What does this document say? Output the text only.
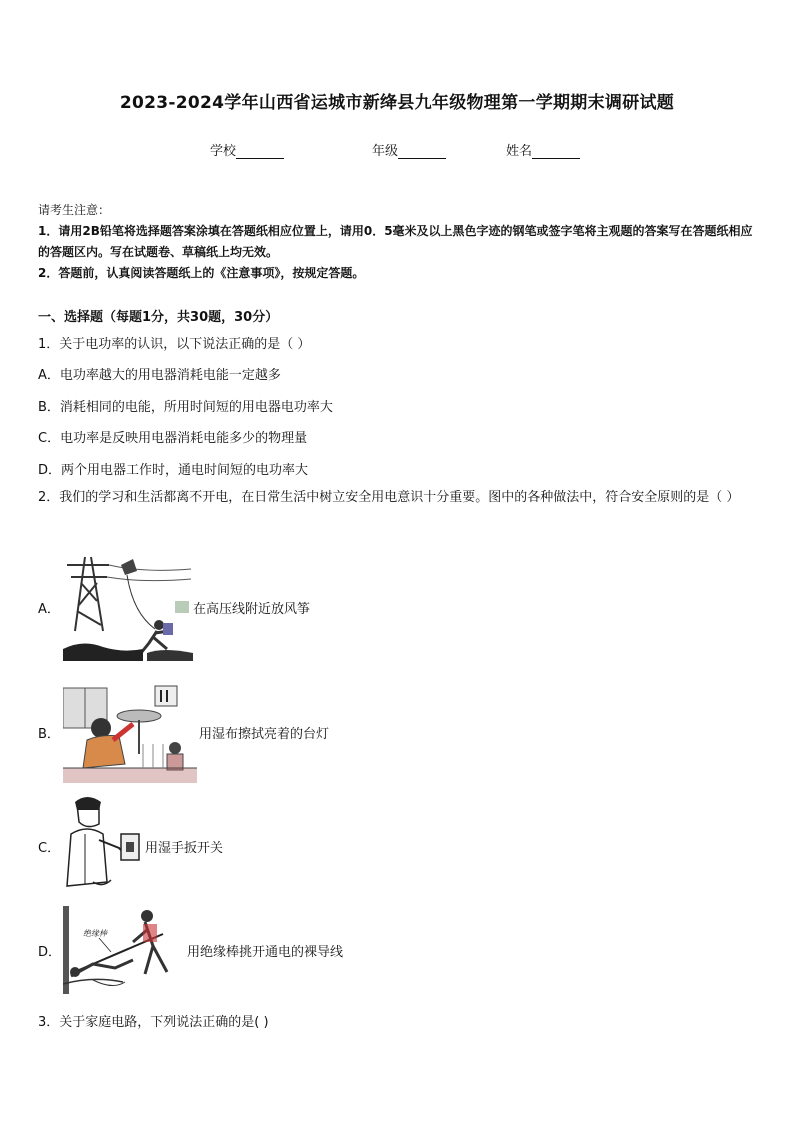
2023-2024学年山西省运城市新绛县九年级物理第一学期期末调研试题
学校	年级	姓名
请考生注意：
1．请用2B铅笔将选择题答案涂填在答题纸相应位置上，请用0．5毫米及以上黑色字迹的钢笔或签字笔将主观题的答案写在答题纸相应的答题区内。写在试题卷、草稿纸上均无效。
2．答题前，认真阅读答题纸上的《注意事项》，按规定答题。
一、选择题（每题1分，共30题，30分）
1．关于电功率的认识，以下说法正确的是（ ）
A．电功率越大的用电器消耗电能一定越多
B．消耗相同的电能，所用时间短的用电器电功率大
C．电功率是反映用电器消耗电能多少的物理量
D．两个用电器工作时，通电时间短的电功率大
2．我们的学习和生活都离不开电，在日常生活中树立安全用电意识十分重要。图中的各种做法中，符合安全原则的是（ ）
A．	在高压线附近放风筝
B．	用湿布擦拭亮着的台灯
C．	用湿手扳开关
D．
绝缘棒
用绝缘棒挑开通电的裸导线
3．关于家庭电路，下列说法正确的是( )
